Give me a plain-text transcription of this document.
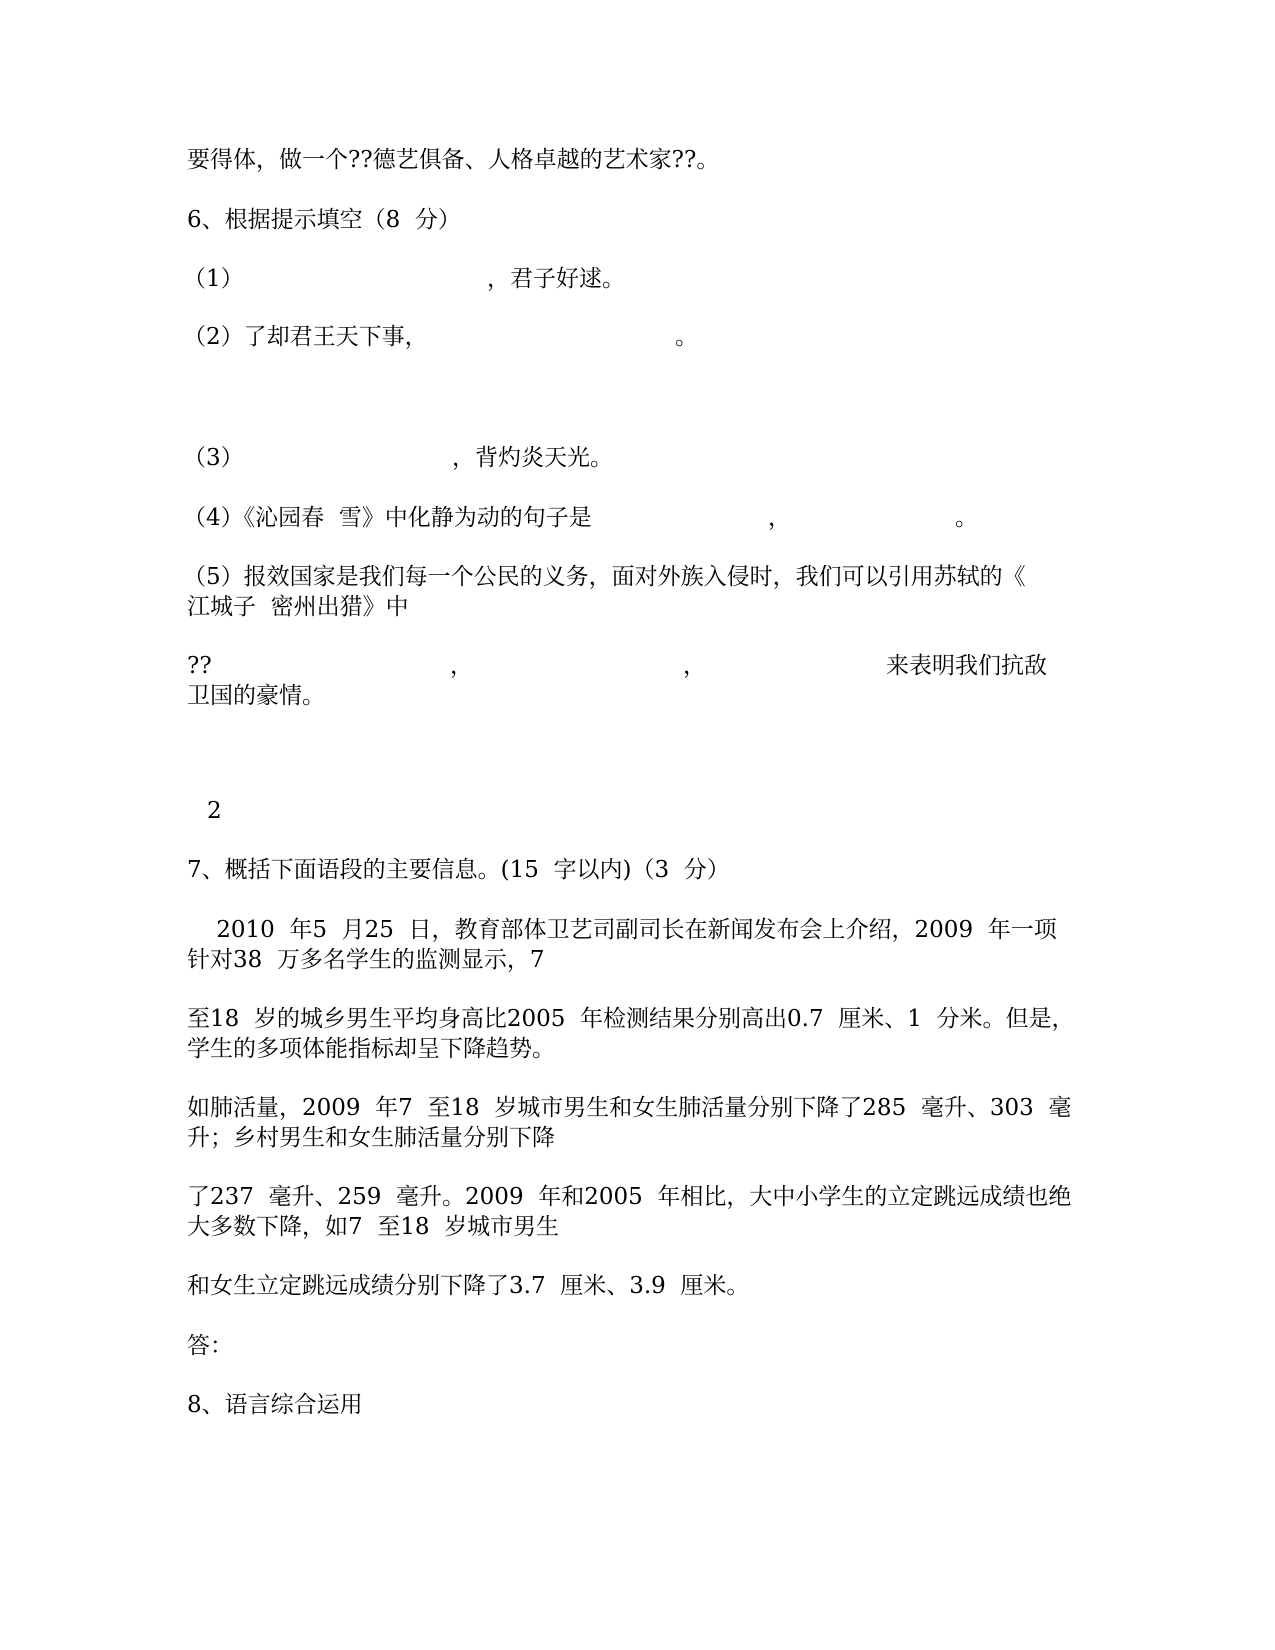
要得体，做一个??德艺俱备、人格卓越的艺术家??。
6、根据提示填空（8  分）
（1）	，君子好逑。
（2）了却君王天下事，	。
（3）	，背灼炎天光。
（4）《沁园春  雪》中化静为动的句子是	，	。
（5）报效国家是我们每一个公民的义务，面对外族入侵时，我们可以引用苏轼的《
江城子  密州出猎》中
??	，	，	来表明我们抗敌
卫国的豪情。
2
7、概括下面语段的主要信息。(15  字以内)（3  分）
2010  年5  月25  日，教育部体卫艺司副司长在新闻发布会上介绍，2009  年一项
针对38  万多名学生的监测显示，7
至18  岁的城乡男生平均身高比2005  年检测结果分别高出0.7  厘米、1  分米。但是，
学生的多项体能指标却呈下降趋势。
如肺活量，2009  年7  至18  岁城市男生和女生肺活量分别下降了285  毫升、303  毫
升；乡村男生和女生肺活量分别下降
了237  毫升、259  毫升。2009  年和2005  年相比，大中小学生的立定跳远成绩也绝
大多数下降，如7  至18  岁城市男生
和女生立定跳远成绩分别下降了3.7  厘米、3.9  厘米。
答：
8、语言综合运用
